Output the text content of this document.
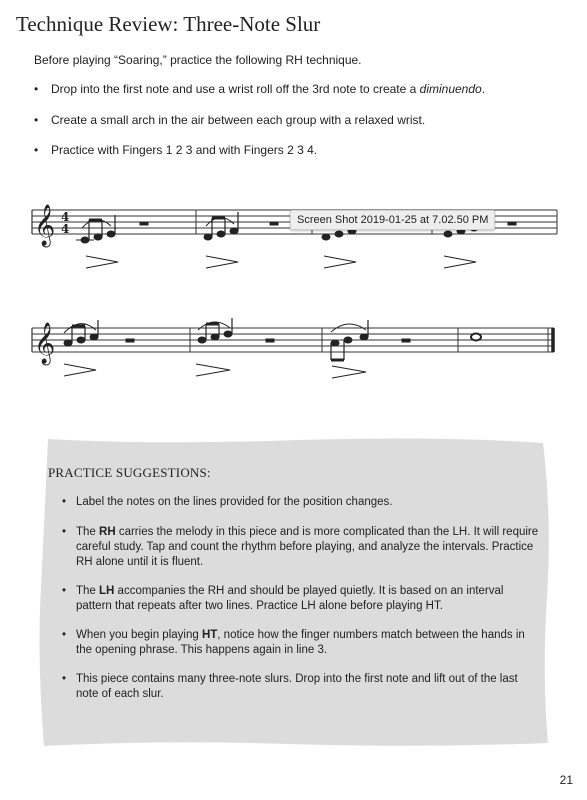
Technique Review: Three-Note Slur
Before playing “Soaring,” practice the following RH technique.
• Drop into the first note and use a wrist roll off the 3rd note to create a diminuendo.
• Create a small arch in the air between each group with a relaxed wrist.
• Practice with Fingers 1 2 3 and with Fingers 2 3 4.
𝄞 4
4
𝄞
Screen Shot 2019-01-25 at 7.02.50 PM
PRACTICE SUGGESTIONS:
• Label the notes on the lines provided for the position changes.
• The RH carries the melody in this piece and is more complicated than the LH. It will require careful study. Tap and count the rhythm before playing, and analyze the intervals. Practice RH alone until it is fluent.
• The LH accompanies the RH and should be played quietly. It is based on an interval pattern that repeats after two lines. Practice LH alone before playing HT.
• When you begin playing HT, notice how the finger numbers match between the hands in the opening phrase. This happens again in line 3.
• This piece contains many three-note slurs. Drop into the first note and lift out of the last note of each slur.
21
